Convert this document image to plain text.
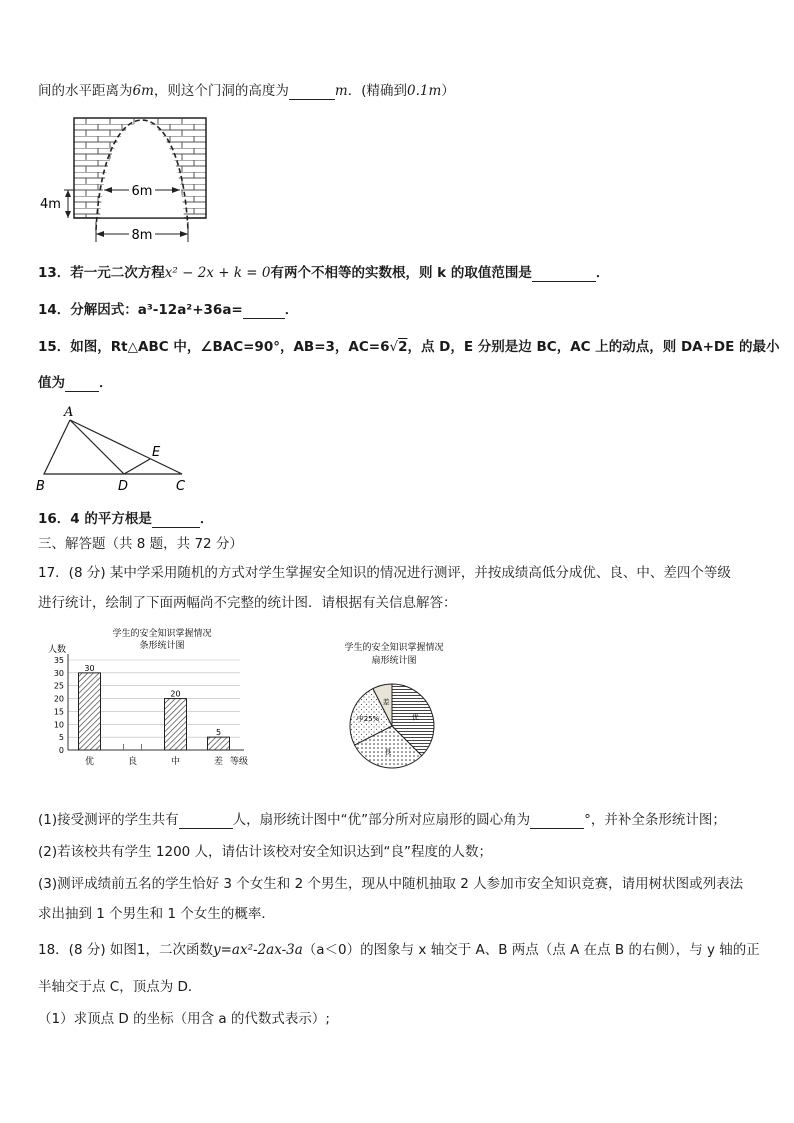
间的水平距离为6m，则这个门洞的高度为	m．(精确到0.1m）
6m
8m
4m
13．若一元二次方程x² − 2x + k = 0有两个不相等的实数根，则 k 的取值范围是	．
14．分解因式：a³-12a²+36a=	．
15．如图，Rt△ABC 中，∠BAC=90°，AB=3，AC=6√2，点 D，E 分别是边 BC，AC 上的动点，则 DA+DE 的最小
值为	．
A
B	C
D
E
16．4 的平方根是	．
三、解答题（共 8 题，共 72 分）
17．(8 分) 某中学采用随机的方式对学生掌握安全知识的情况进行测评，并按成绩高低分成优、良、中、差四个等级
进行统计，绘制了下面两幅尚不完整的统计图．请根据有关信息解答：
学生的安全知识掌握情况
条形统计图
人数
等级
0
5
10
15
20
25
30
35
30
20
5
优	良	中	差
学生的安全知识掌握情况
扇形统计图
优
良
中25%
差
(1)接受测评的学生共有	人，扇形统计图中“优”部分所对应扇形的圆心角为	°，并补全条形统计图；
(2)若该校共有学生 1200 人，请估计该校对安全知识达到“良”程度的人数；
(3)测评成绩前五名的学生恰好 3 个女生和 2 个男生，现从中随机抽取 2 人参加市安全知识竞赛，请用树状图或列表法
求出抽到 1 个男生和 1 个女生的概率．
18．(8 分) 如图1，二次函数y=ax²-2ax-3a（a＜0）的图象与 x 轴交于 A、B 两点（点 A 在点 B 的右侧），与 y 轴的正
半轴交于点 C，顶点为 D．
（1）求顶点 D 的坐标（用含 a 的代数式表示）;
